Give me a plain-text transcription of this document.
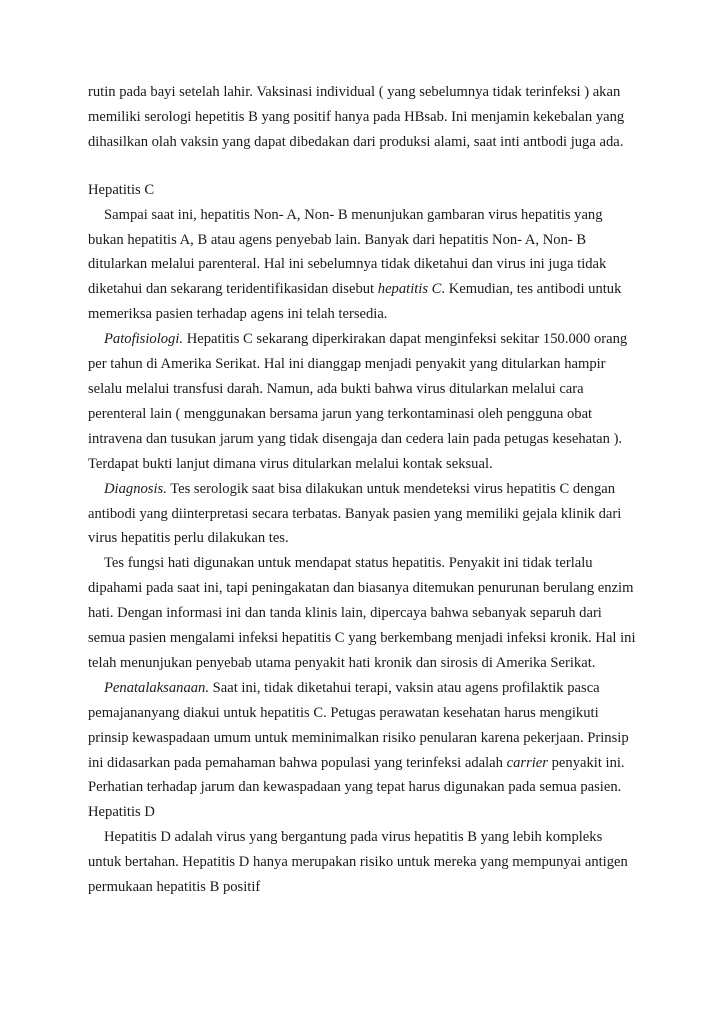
rutin pada bayi setelah lahir. Vaksinasi individual ( yang sebelumnya tidak terinfeksi ) akan
memiliki serologi hepetitis B yang positif hanya pada HBsab. Ini menjamin kekebalan yang
dihasilkan olah vaksin yang dapat dibedakan dari produksi alami, saat inti antbodi juga ada.
Hepatitis C
Sampai saat ini, hepatitis Non- A, Non- B menunjukan gambaran virus hepatitis yang
bukan hepatitis A, B atau agens penyebab lain. Banyak dari hepatitis Non- A, Non- B
ditularkan melalui parenteral. Hal ini sebelumnya tidak diketahui dan virus ini juga tidak
diketahui dan sekarang teridentifikasidan disebut hepatitis C. Kemudian, tes antibodi untuk
memeriksa pasien terhadap agens ini telah tersedia.
Patofisiologi. Hepatitis C sekarang diperkirakan dapat menginfeksi sekitar 150.000 orang
per tahun di Amerika Serikat. Hal ini dianggap menjadi penyakit yang ditularkan hampir
selalu melalui transfusi darah. Namun, ada bukti bahwa virus ditularkan melalui cara
perenteral lain ( menggunakan bersama jarun yang terkontaminasi oleh pengguna obat
intravena dan tusukan jarum yang tidak disengaja dan cedera lain pada petugas kesehatan ).
Terdapat bukti lanjut dimana virus ditularkan melalui kontak seksual.
Diagnosis. Tes serologik saat bisa dilakukan untuk mendeteksi virus hepatitis C dengan
antibodi yang diinterpretasi secara terbatas. Banyak pasien yang memiliki gejala klinik dari
virus hepatitis perlu dilakukan tes.
Tes fungsi hati digunakan untuk mendapat status hepatitis. Penyakit ini tidak terlalu
dipahami pada saat ini, tapi peningakatan dan biasanya ditemukan penurunan berulang enzim
hati. Dengan informasi ini dan tanda klinis lain, dipercaya bahwa sebanyak separuh dari
semua pasien mengalami infeksi hepatitis C yang berkembang menjadi infeksi kronik. Hal ini
telah menunjukan penyebab utama penyakit hati kronik dan sirosis di Amerika Serikat.
Penatalaksanaan. Saat ini, tidak diketahui terapi, vaksin atau agens profilaktik pasca
pemajananyang diakui untuk hepatitis C. Petugas perawatan kesehatan harus mengikuti
prinsip kewaspadaan umum untuk meminimalkan risiko penularan karena pekerjaan. Prinsip
ini didasarkan pada pemahaman bahwa populasi yang terinfeksi adalah carrier penyakit ini.
Perhatian terhadap jarum dan kewaspadaan yang tepat harus digunakan pada semua pasien.
Hepatitis D
Hepatitis D adalah virus yang bergantung pada virus hepatitis B yang lebih kompleks
untuk bertahan. Hepatitis D hanya merupakan risiko untuk mereka yang mempunyai antigen
permukaan hepatitis B positif
